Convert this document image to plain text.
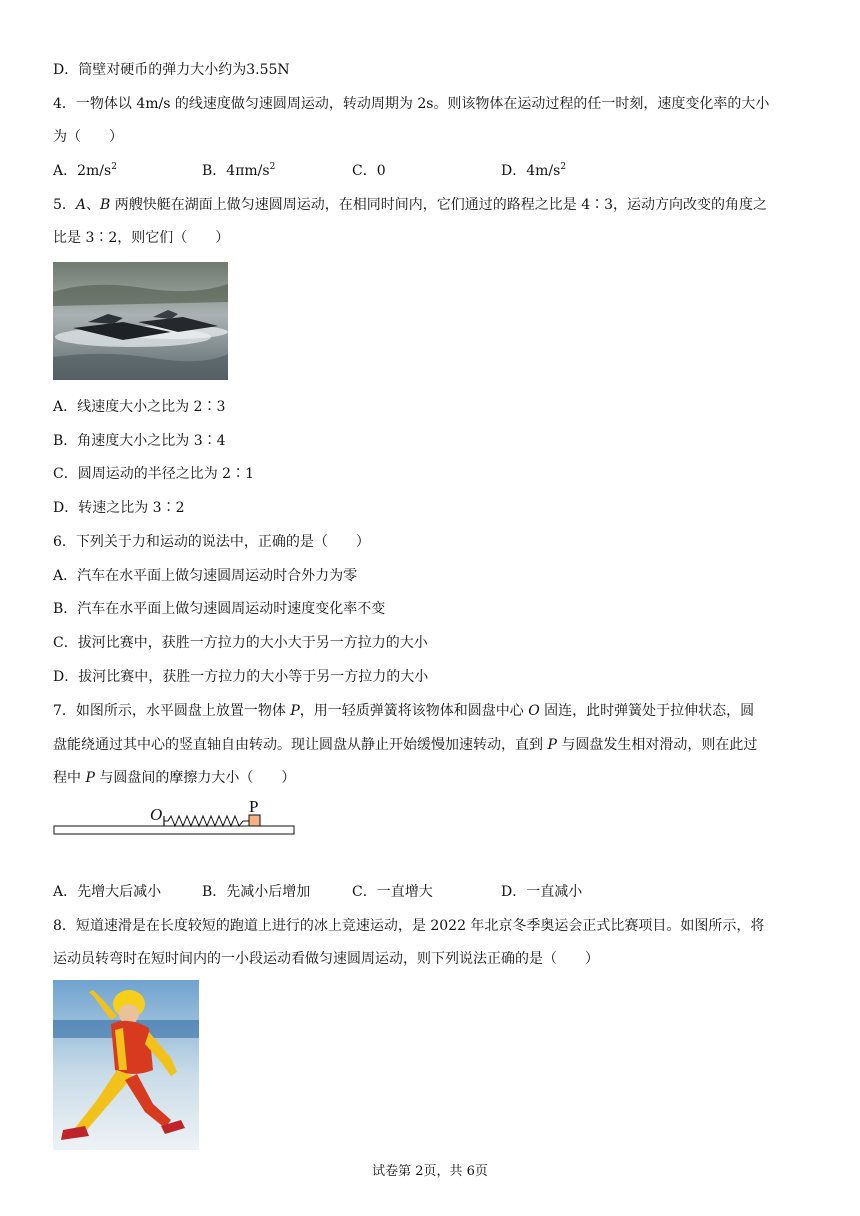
D．筒壁对硬币的弹力大小约为3.55N
4．一物体以 4m/s 的线速度做匀速圆周运动，转动周期为 2s。则该物体在运动过程的任一时刻，速度变化率的大小
为（　　）
A．$2m/s^2$	B．$4\pi m/s^2$	C．0	D．$4m/s^2$
5．A、B 两艘快艇在湖面上做匀速圆周运动，在相同时间内，它们通过的路程之比是 4∶3，运动方向改变的角度之
比是 3∶2，则它们（　　）
A．线速度大小之比为 2∶3
B．角速度大小之比为 3∶4
C．圆周运动的半径之比为 2∶1
D．转速之比为 3∶2
6．下列关于力和运动的说法中，正确的是（　　）
A．汽车在水平面上做匀速圆周运动时合外力为零
B．汽车在水平面上做匀速圆周运动时速度变化率不变
C．拔河比赛中，获胜一方拉力的大小大于另一方拉力的大小
D．拔河比赛中，获胜一方拉力的大小等于另一方拉力的大小
7．如图所示，水平圆盘上放置一物体 P，用一轻质弹簧将该物体和圆盘中心 O 固连，此时弹簧处于拉伸状态，圆
盘能绕通过其中心的竖直轴自由转动。现让圆盘从静止开始缓慢加速转动，直到 P 与圆盘发生相对滑动，则在此过
程中 P 与圆盘间的摩擦力大小（　　）
O	P
A．先增大后减小	B．先减小后增加	C．一直增大	D．一直减小
8．短道速滑是在长度较短的跑道上进行的冰上竞速运动，是 2022 年北京冬季奥运会正式比赛项目。如图所示，将
运动员转弯时在短时间内的一小段运动看做匀速圆周运动，则下列说法正确的是（　　）
试卷第 2页，共 6页
